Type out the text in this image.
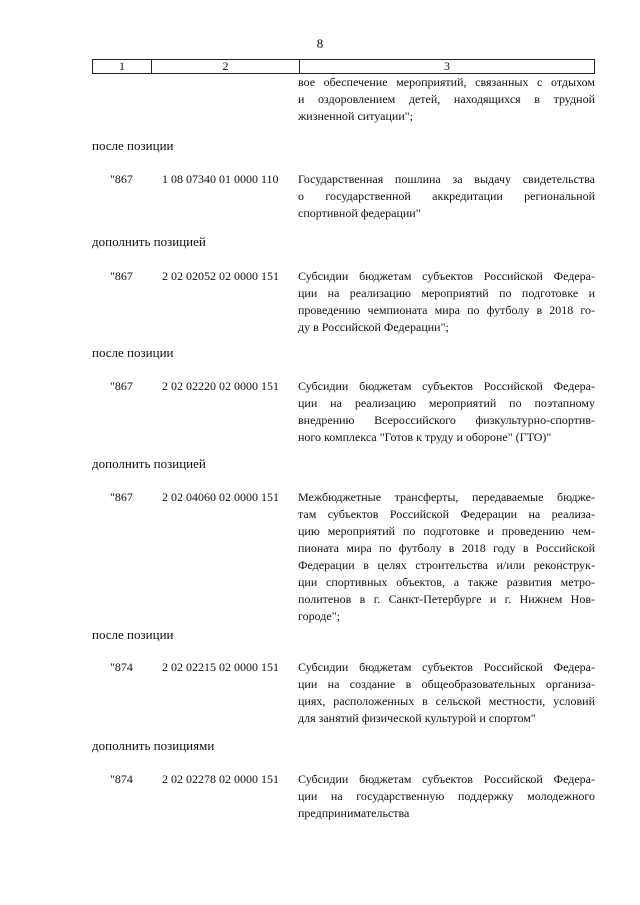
8
1	2	3
вое обеспечение мероприятий, связанных с отдыхом
и оздоровлением детей, находящихся в трудной
жизненной ситуации";
после позиции
"867 1 08 07340 01 0000 110 Государственная пошлина за выдачу свидетельства
о государственной аккредитации региональной
спортивной федерации"
дополнить позицией
"867 2 02 02052 02 0000 151 Субсидии бюджетам субъектов Российской Федера-
ции на реализацию мероприятий по подготовке и
проведению чемпионата мира по футболу в 2018 го-
ду в Российской Федерации";
после позиции
"867 2 02 02220 02 0000 151 Субсидии бюджетам субъектов Российской Федера-
ции на реализацию мероприятий по поэтапному
внедрению Всероссийского физкультурно-спортив-
ного комплекса "Готов к труду и обороне" (ГТО)"
дополнить позицией
"867 2 02 04060 02 0000 151 Межбюджетные трансферты, передаваемые бюдже-
там субъектов Российской Федерации на реализа-
цию мероприятий по подготовке и проведению чем-
пионата мира по футболу в 2018 году в Российской
Федерации в целях строительства и/или реконструк-
ции спортивных объектов, а также развития метро-
политенов в г. Санкт-Петербурге и г. Нижнем Нов-
городе";
после позиции
"874 2 02 02215 02 0000 151 Субсидии бюджетам субъектов Российской Федера-
ции на создание в общеобразовательных организа-
циях, расположенных в сельской местности, условий
для занятий физической культурой и спортом"
дополнить позициями
"874 2 02 02278 02 0000 151 Субсидии бюджетам субъектов Российской Федера-
ции на государственную поддержку молодежного
предпринимательства
